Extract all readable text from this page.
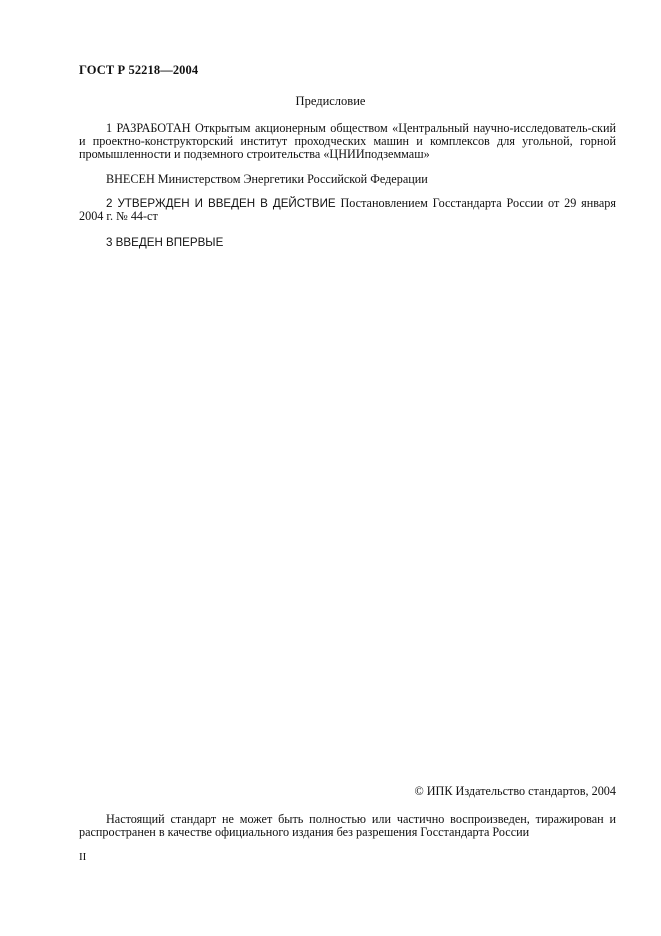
ГОСТ Р 52218—2004
Предисловие
1 РАЗРАБОТАН Открытым акционерным обществом «Центральный научно-исследователь-ский и проектно-конструкторский институт проходческих машин и комплексов для угольной, горной промышленности и подземного строительства «ЦНИИподземмаш»
ВНЕСЕН Министерством Энергетики Российской Федерации
2 УТВЕРЖДЕН И ВВЕДЕН В ДЕЙСТВИЕ Постановлением Госстандарта России от 29 января 2004 г. № 44-ст
3 ВВЕДЕН ВПЕРВЫЕ
© ИПК Издательство стандартов, 2004
Настоящий стандарт не может быть полностью или частично воспроизведен, тиражирован и распространен в качестве официального издания без разрешения Госстандарта России
II
